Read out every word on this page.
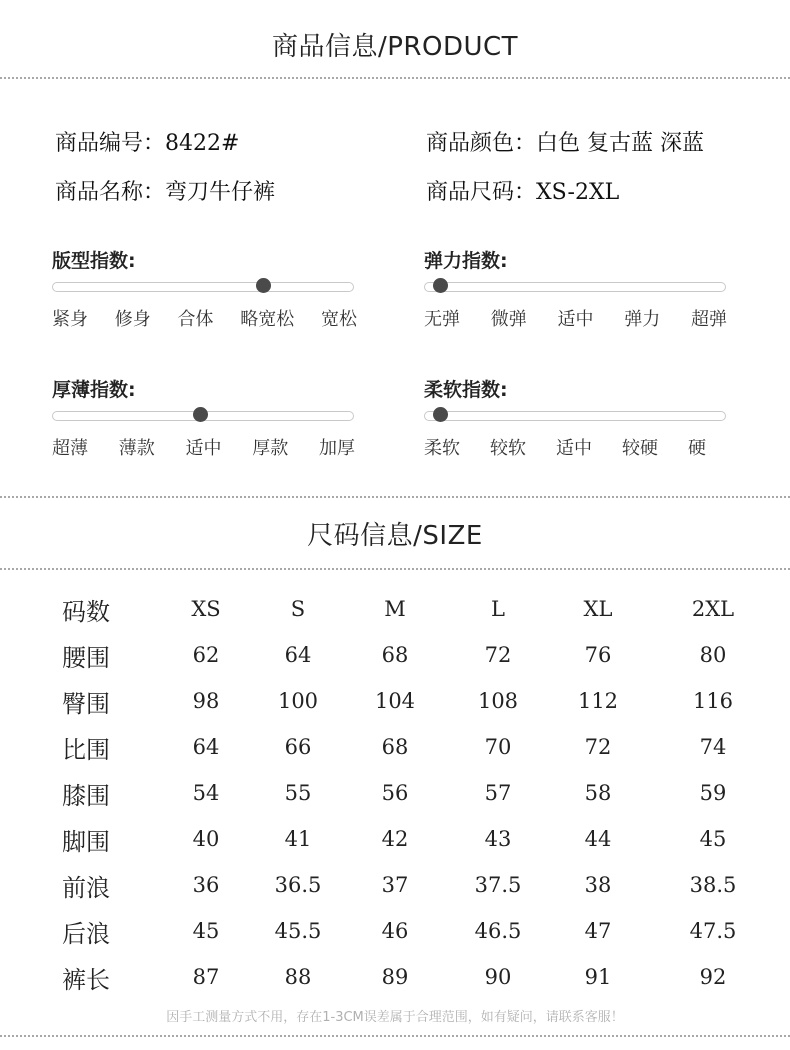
商品信息/PRODUCT
商品编号：8422#	商品颜色：白色 复古蓝 深蓝
商品名称：弯刀牛仔裤	商品尺码：XS-2XL
版型指数:
紧身 修身 合体 略宽松 宽松
弹力指数:
无弹 微弹 适中 弹力 超弹
厚薄指数:
超薄 薄款 适中 厚款 加厚
柔软指数:
柔软 较软 适中 较硬 硬
尺码信息/SIZE
码数	XS	S	M	L	XL	2XL
腰围	62	64	68	72	76	80
臀围	98	100	104	108	112	116
比围	64	66	68	70	72	74
膝围	54	55	56	57	58	59
脚围	40	41	42	43	44	45
前浪	36	36.5	37	37.5	38	38.5
后浪	45	45.5	46	46.5	47	47.5
裤长	87	88	89	90	91	92
因手工测量方式不用，存在1-3CM误差属于合理范围，如有疑问，请联系客服！
